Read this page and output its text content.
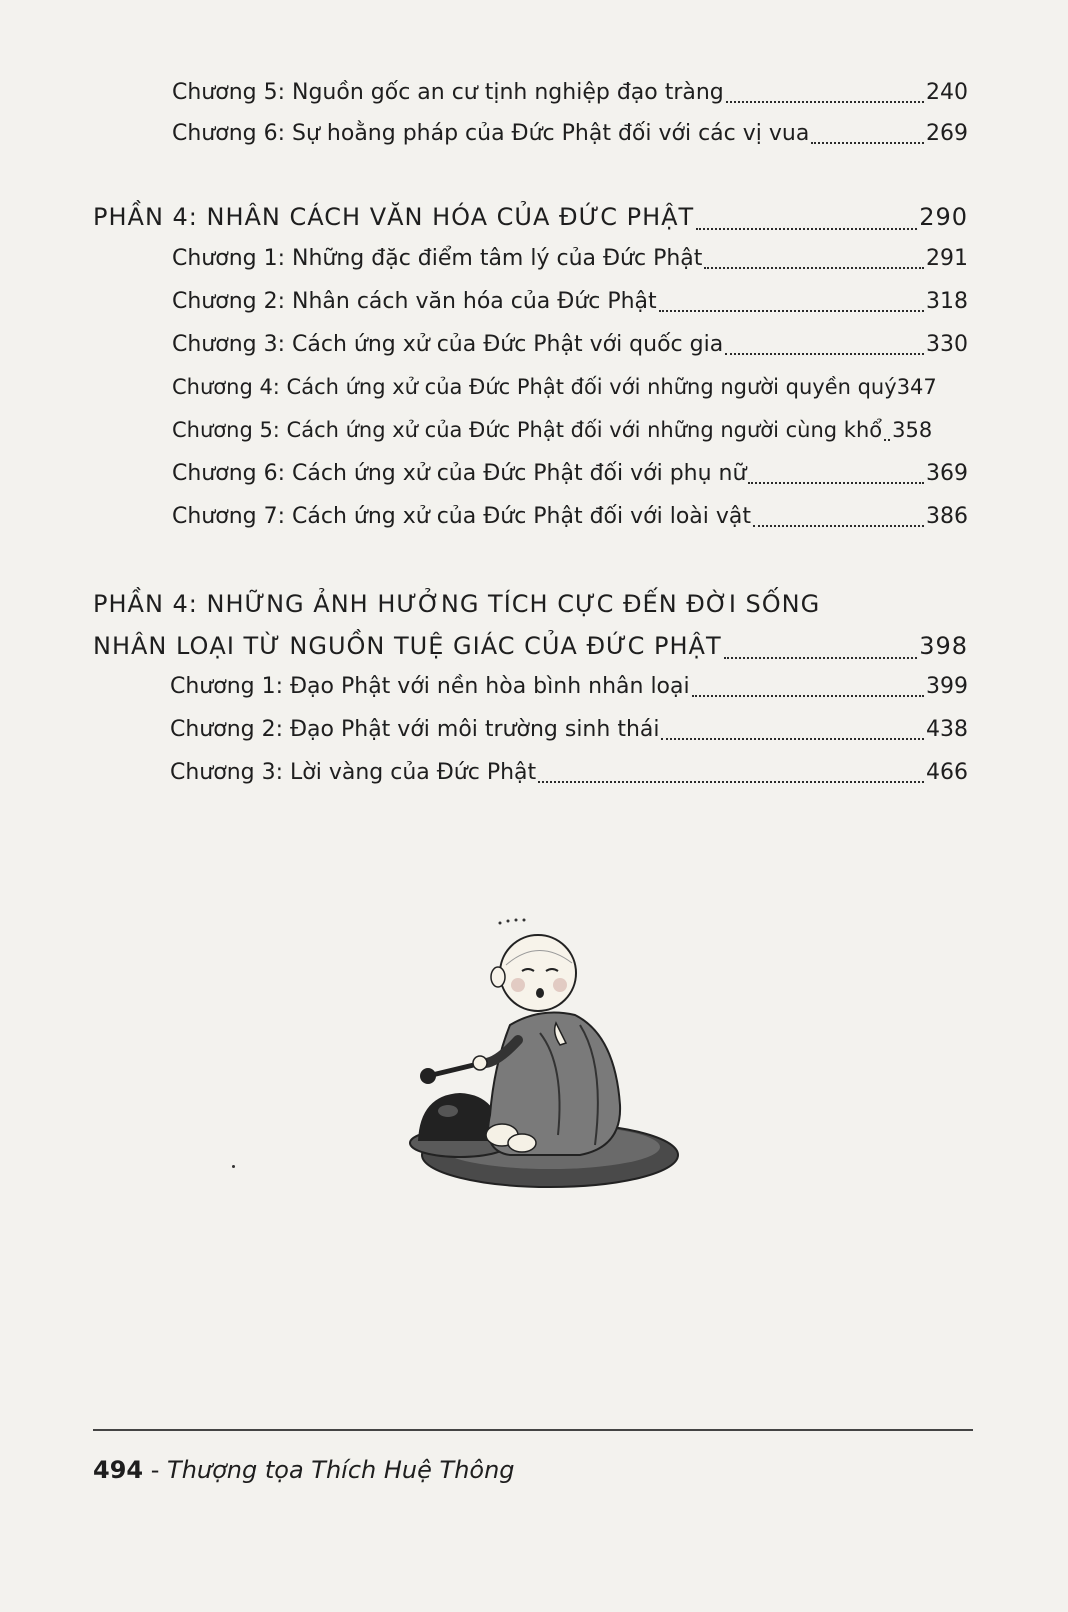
Chương 5: Nguồn gốc an cư tịnh nghiệp đạo tràng	240
Chương 6: Sự hoằng pháp của Đức Phật đối với các vị vua	269
PHẦN 4: NHÂN CÁCH VĂN HÓA CỦA ĐỨC PHẬT	290
Chương 1: Những đặc điểm tâm lý của Đức Phật	291
Chương 2: Nhân cách văn hóa của Đức Phật	318
Chương 3: Cách ứng xử của Đức Phật với quốc gia	330
Chương 4: Cách ứng xử của Đức Phật đối với những người quyền quý 347
Chương 5: Cách ứng xử của Đức Phật đối với những người cùng khổ 358
Chương 6: Cách ứng xử của Đức Phật đối với phụ nữ	369
Chương 7: Cách ứng xử của Đức Phật đối với loài vật	386
PHẦN 4: NHỮNG ẢNH HƯỞNG TÍCH CỰC ĐẾN ĐỜI SỐNG
NHÂN LOẠI TỪ NGUỒN TUỆ GIÁC CỦA ĐỨC PHẬT	398
Chương 1: Đạo Phật với nền hòa bình nhân loại	399
Chương 2: Đạo Phật với môi trường sinh thái	438
Chương 3: Lời vàng của Đức Phật	466
494 - Thượng tọa Thích Huệ Thông
